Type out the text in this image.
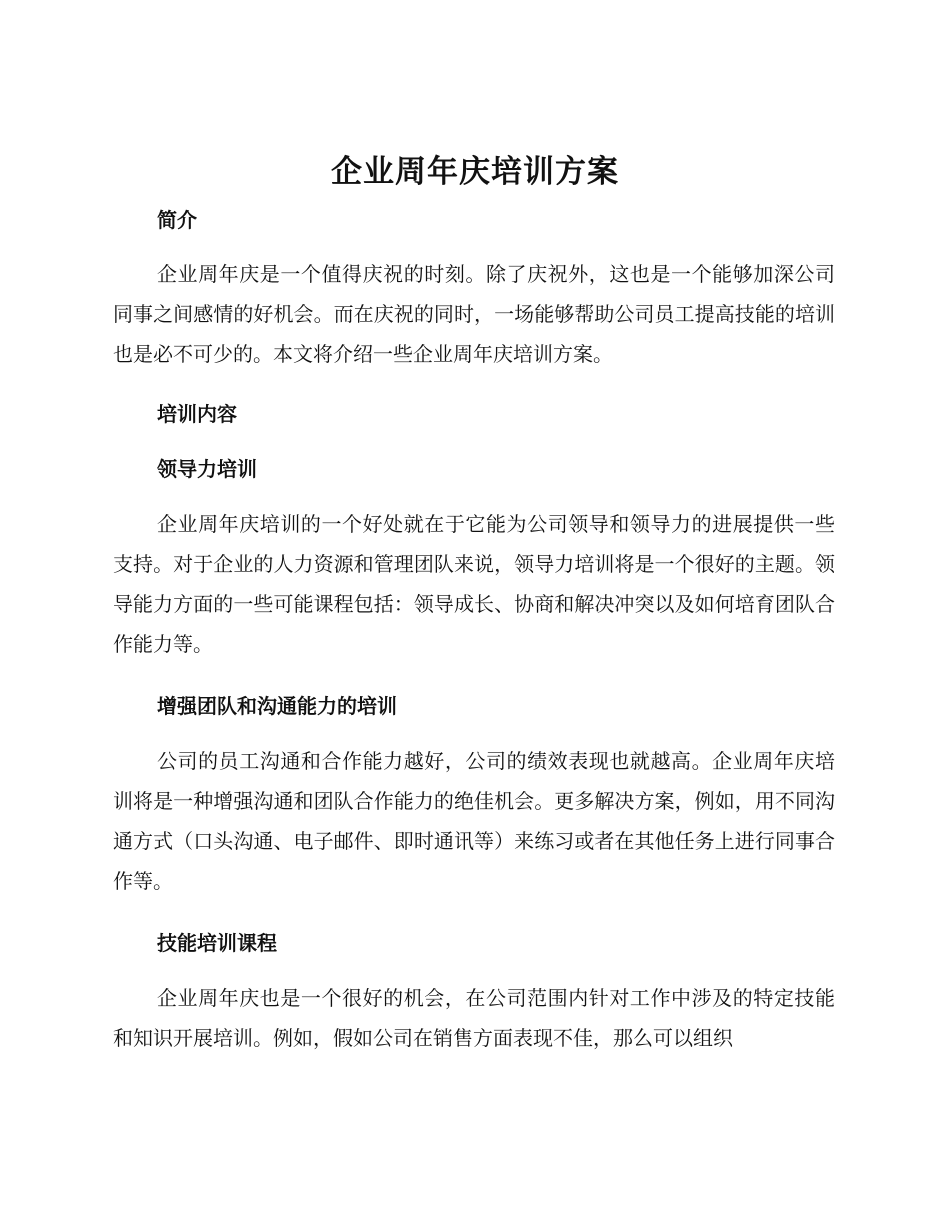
企业周年庆培训方案
简介
企业周年庆是一个值得庆祝的时刻。除了庆祝外，这也是一个能够加深公司同事之间感情的好机会。而在庆祝的同时，一场能够帮助公司员工提高技能的培训也是必不可少的。本文将介绍一些企业周年庆培训方案。
培训内容
领导力培训
企业周年庆培训的一个好处就在于它能为公司领导和领导力的进展提供一些支持。对于企业的人力资源和管理团队来说，领导力培训将是一个很好的主题。领导能力方面的一些可能课程包括：领导成长、协商和解决冲突以及如何培育团队合作能力等。
增强团队和沟通能力的培训
公司的员工沟通和合作能力越好，公司的绩效表现也就越高。企业周年庆培训将是一种增强沟通和团队合作能力的绝佳机会。更多解决方案，例如，用不同沟通方式（口头沟通、电子邮件、即时通讯等）来练习或者在其他任务上进行同事合作等。
技能培训课程
企业周年庆也是一个很好的机会，在公司范围内针对工作中涉及的特定技能和知识开展培训。例如，假如公司在销售方面表现不佳，那么可以组织
